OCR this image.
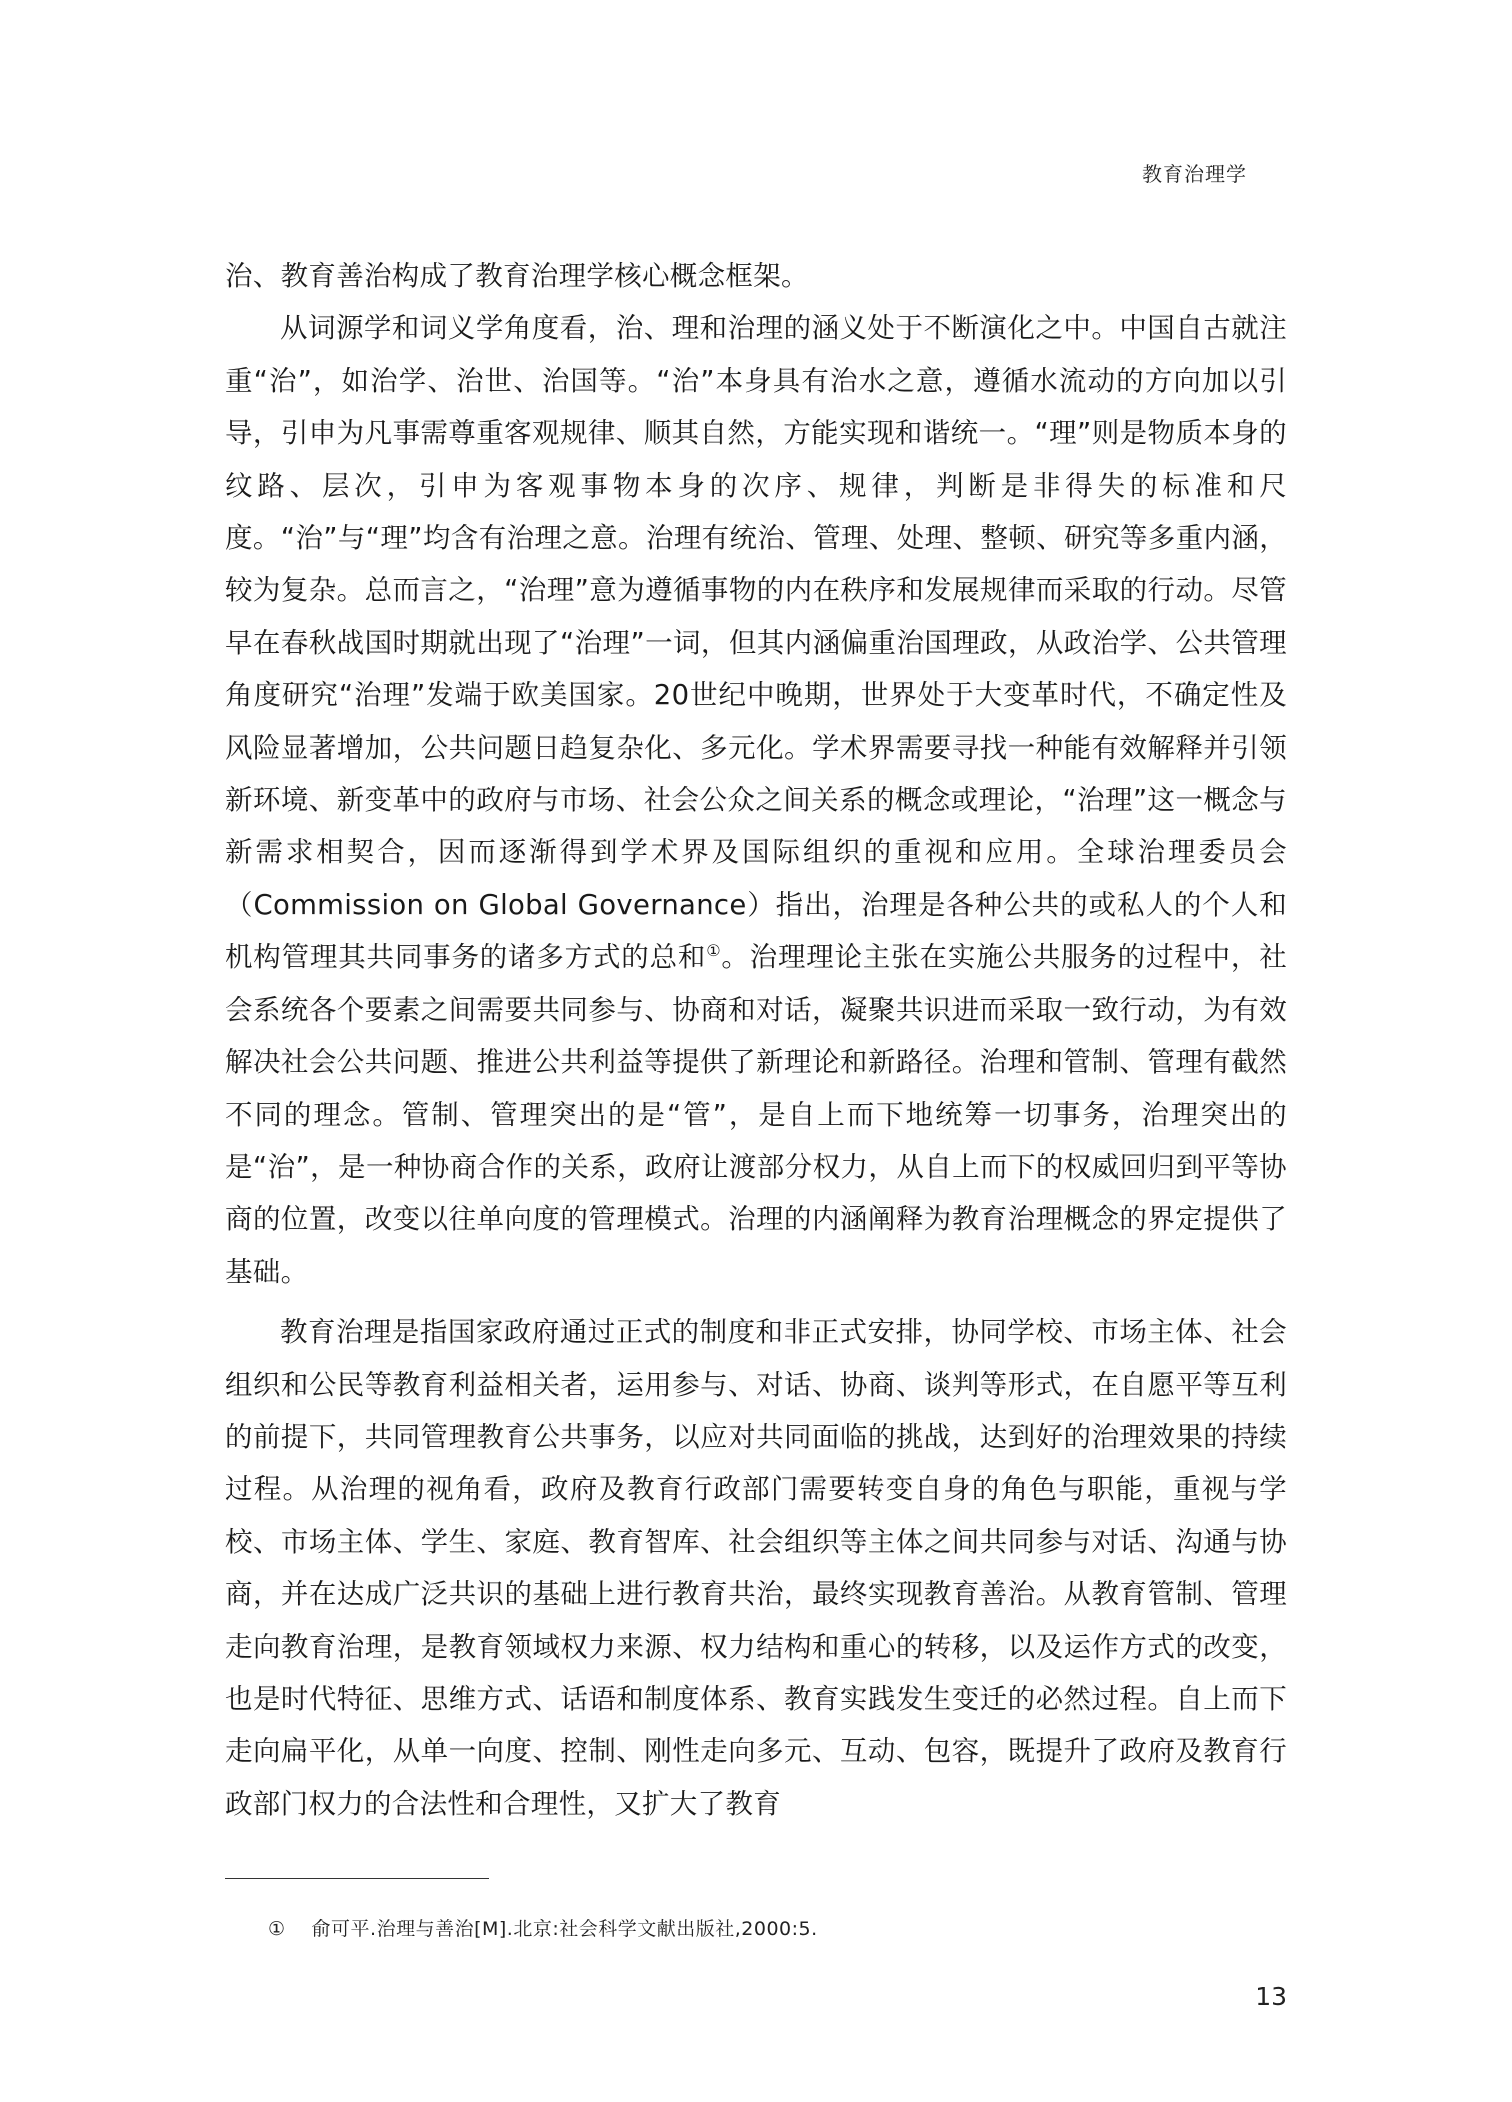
教育治理学

治、教育善治构成了教育治理学核心概念框架。

从词源学和词义学角度看，治、理和治理的涵义处于不断演化之中。中国自古就注重“治”，如治学、治世、治国等。“治”本身具有治水之意，遵循水流动的方向加以引导，引申为凡事需尊重客观规律、顺其自然，方能实现和谐统一。“理”则是物质本身的纹路、层次，引申为客观事物本身的次序、规律，判断是非得失的标准和尺度。“治”与“理”均含有治理之意。治理有统治、管理、处理、整顿、研究等多重内涵，较为复杂。总而言之，“治理”意为遵循事物的内在秩序和发展规律而采取的行动。尽管早在春秋战国时期就出现了“治理”一词，但其内涵偏重治国理政，从政治学、公共管理角度研究“治理”发端于欧美国家。20世纪中晚期，世界处于大变革时代，不确定性及风险显著增加，公共问题日趋复杂化、多元化。学术界需要寻找一种能有效解释并引领新环境、新变革中的政府与市场、社会公众之间关系的概念或理论，“治理”这一概念与新需求相契合，因而逐渐得到学术界及国际组织的重视和应用。全球治理委员会（Commission on Global Governance）指出，治理是各种公共的或私人的个人和机构管理其共同事务的诸多方式的总和①。治理理论主张在实施公共服务的过程中，社会系统各个要素之间需要共同参与、协商和对话，凝聚共识进而采取一致行动，为有效解决社会公共问题、推进公共利益等提供了新理论和新路径。治理和管制、管理有截然不同的理念。管制、管理突出的是“管”，是自上而下地统筹一切事务，治理突出的是“治”，是一种协商合作的关系，政府让渡部分权力，从自上而下的权威回归到平等协商的位置，改变以往单向度的管理模式。治理的内涵阐释为教育治理概念的界定提供了基础。

教育治理是指国家政府通过正式的制度和非正式安排，协同学校、市场主体、社会组织和公民等教育利益相关者，运用参与、对话、协商、谈判等形式，在自愿平等互利的前提下，共同管理教育公共事务，以应对共同面临的挑战，达到好的治理效果的持续过程。从治理的视角看，政府及教育行政部门需要转变自身的角色与职能，重视与学校、市场主体、学生、家庭、教育智库、社会组织等主体之间共同参与对话、沟通与协商，并在达成广泛共识的基础上进行教育共治，最终实现教育善治。从教育管制、管理走向教育治理，是教育领域权力来源、权力结构和重心的转移，以及运作方式的改变，也是时代特征、思维方式、话语和制度体系、教育实践发生变迁的必然过程。自上而下走向扁平化，从单一向度、控制、刚性走向多元、互动、包容，既提升了政府及教育行政部门权力的合法性和合理性，又扩大了教育

① 俞可平.治理与善治[M].北京:社会科学文献出版社,2000:5.
13
